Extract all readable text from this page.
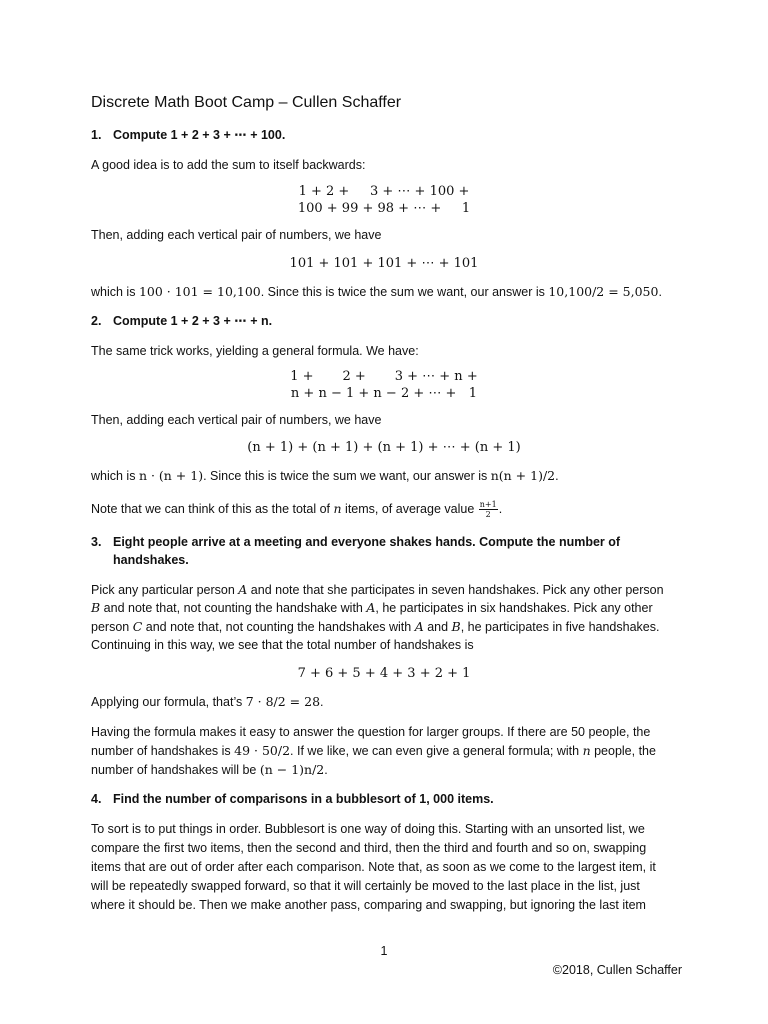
Discrete Math Boot Camp – Cullen Schaffer
1. Compute 1 + 2 + 3 + ⋯ + 100.
A good idea is to add the sum to itself backwards:
1 + 2 +     3 + ⋯ + 100 +
100 + 99 + 98 + ⋯ +     1
Then, adding each vertical pair of numbers, we have
101 + 101 + 101 + ⋯ + 101
which is 100 · 101 = 10,100. Since this is twice the sum we want, our answer is 10,100/2 = 5,050.
2. Compute 1 + 2 + 3 + ⋯ + n.
The same trick works, yielding a general formula. We have:
1 +       2 +       3 + ⋯ + n +
n + n − 1 + n − 2 + ⋯ +   1
Then, adding each vertical pair of numbers, we have
(n + 1) + (n + 1) + (n + 1) + ⋯ + (n + 1)
which is n · (n + 1). Since this is twice the sum we want, our answer is n(n + 1)/2.
Note that we can think of this as the total of n items, of average value $\frac{n+1}{2}$ .
3. Eight people arrive at a meeting and everyone shakes hands. Compute the number of
handshakes.
Pick any particular person A and note that she participates in seven handshakes. Pick any other person
B and note that, not counting the handshake with A, he participates in six handshakes. Pick any other
person C and note that, not counting the handshakes with A and B, he participates in five handshakes.
Continuing in this way, we see that the total number of handshakes is
7 + 6 + 5 + 4 + 3 + 2 + 1
Applying our formula, that’s 7 · 8/2 = 28.
Having the formula makes it easy to answer the question for larger groups. If there are 50 people, the
number of handshakes is 49 · 50/2. If we like, we can even give a general formula; with n people, the
number of handshakes will be (n − 1)n/2.
4. Find the number of comparisons in a bubblesort of 1, 000 items.
To sort is to put things in order. Bubblesort is one way of doing this. Starting with an unsorted list, we
compare the first two items, then the second and third, then the third and fourth and so on, swapping
items that are out of order after each comparison. Note that, as soon as we come to the largest item, it
will be repeatedly swapped forward, so that it will certainly be moved to the last place in the list, just
where it should be. Then we make another pass, comparing and swapping, but ignoring the last item
1
©2018, Cullen Schaffer
